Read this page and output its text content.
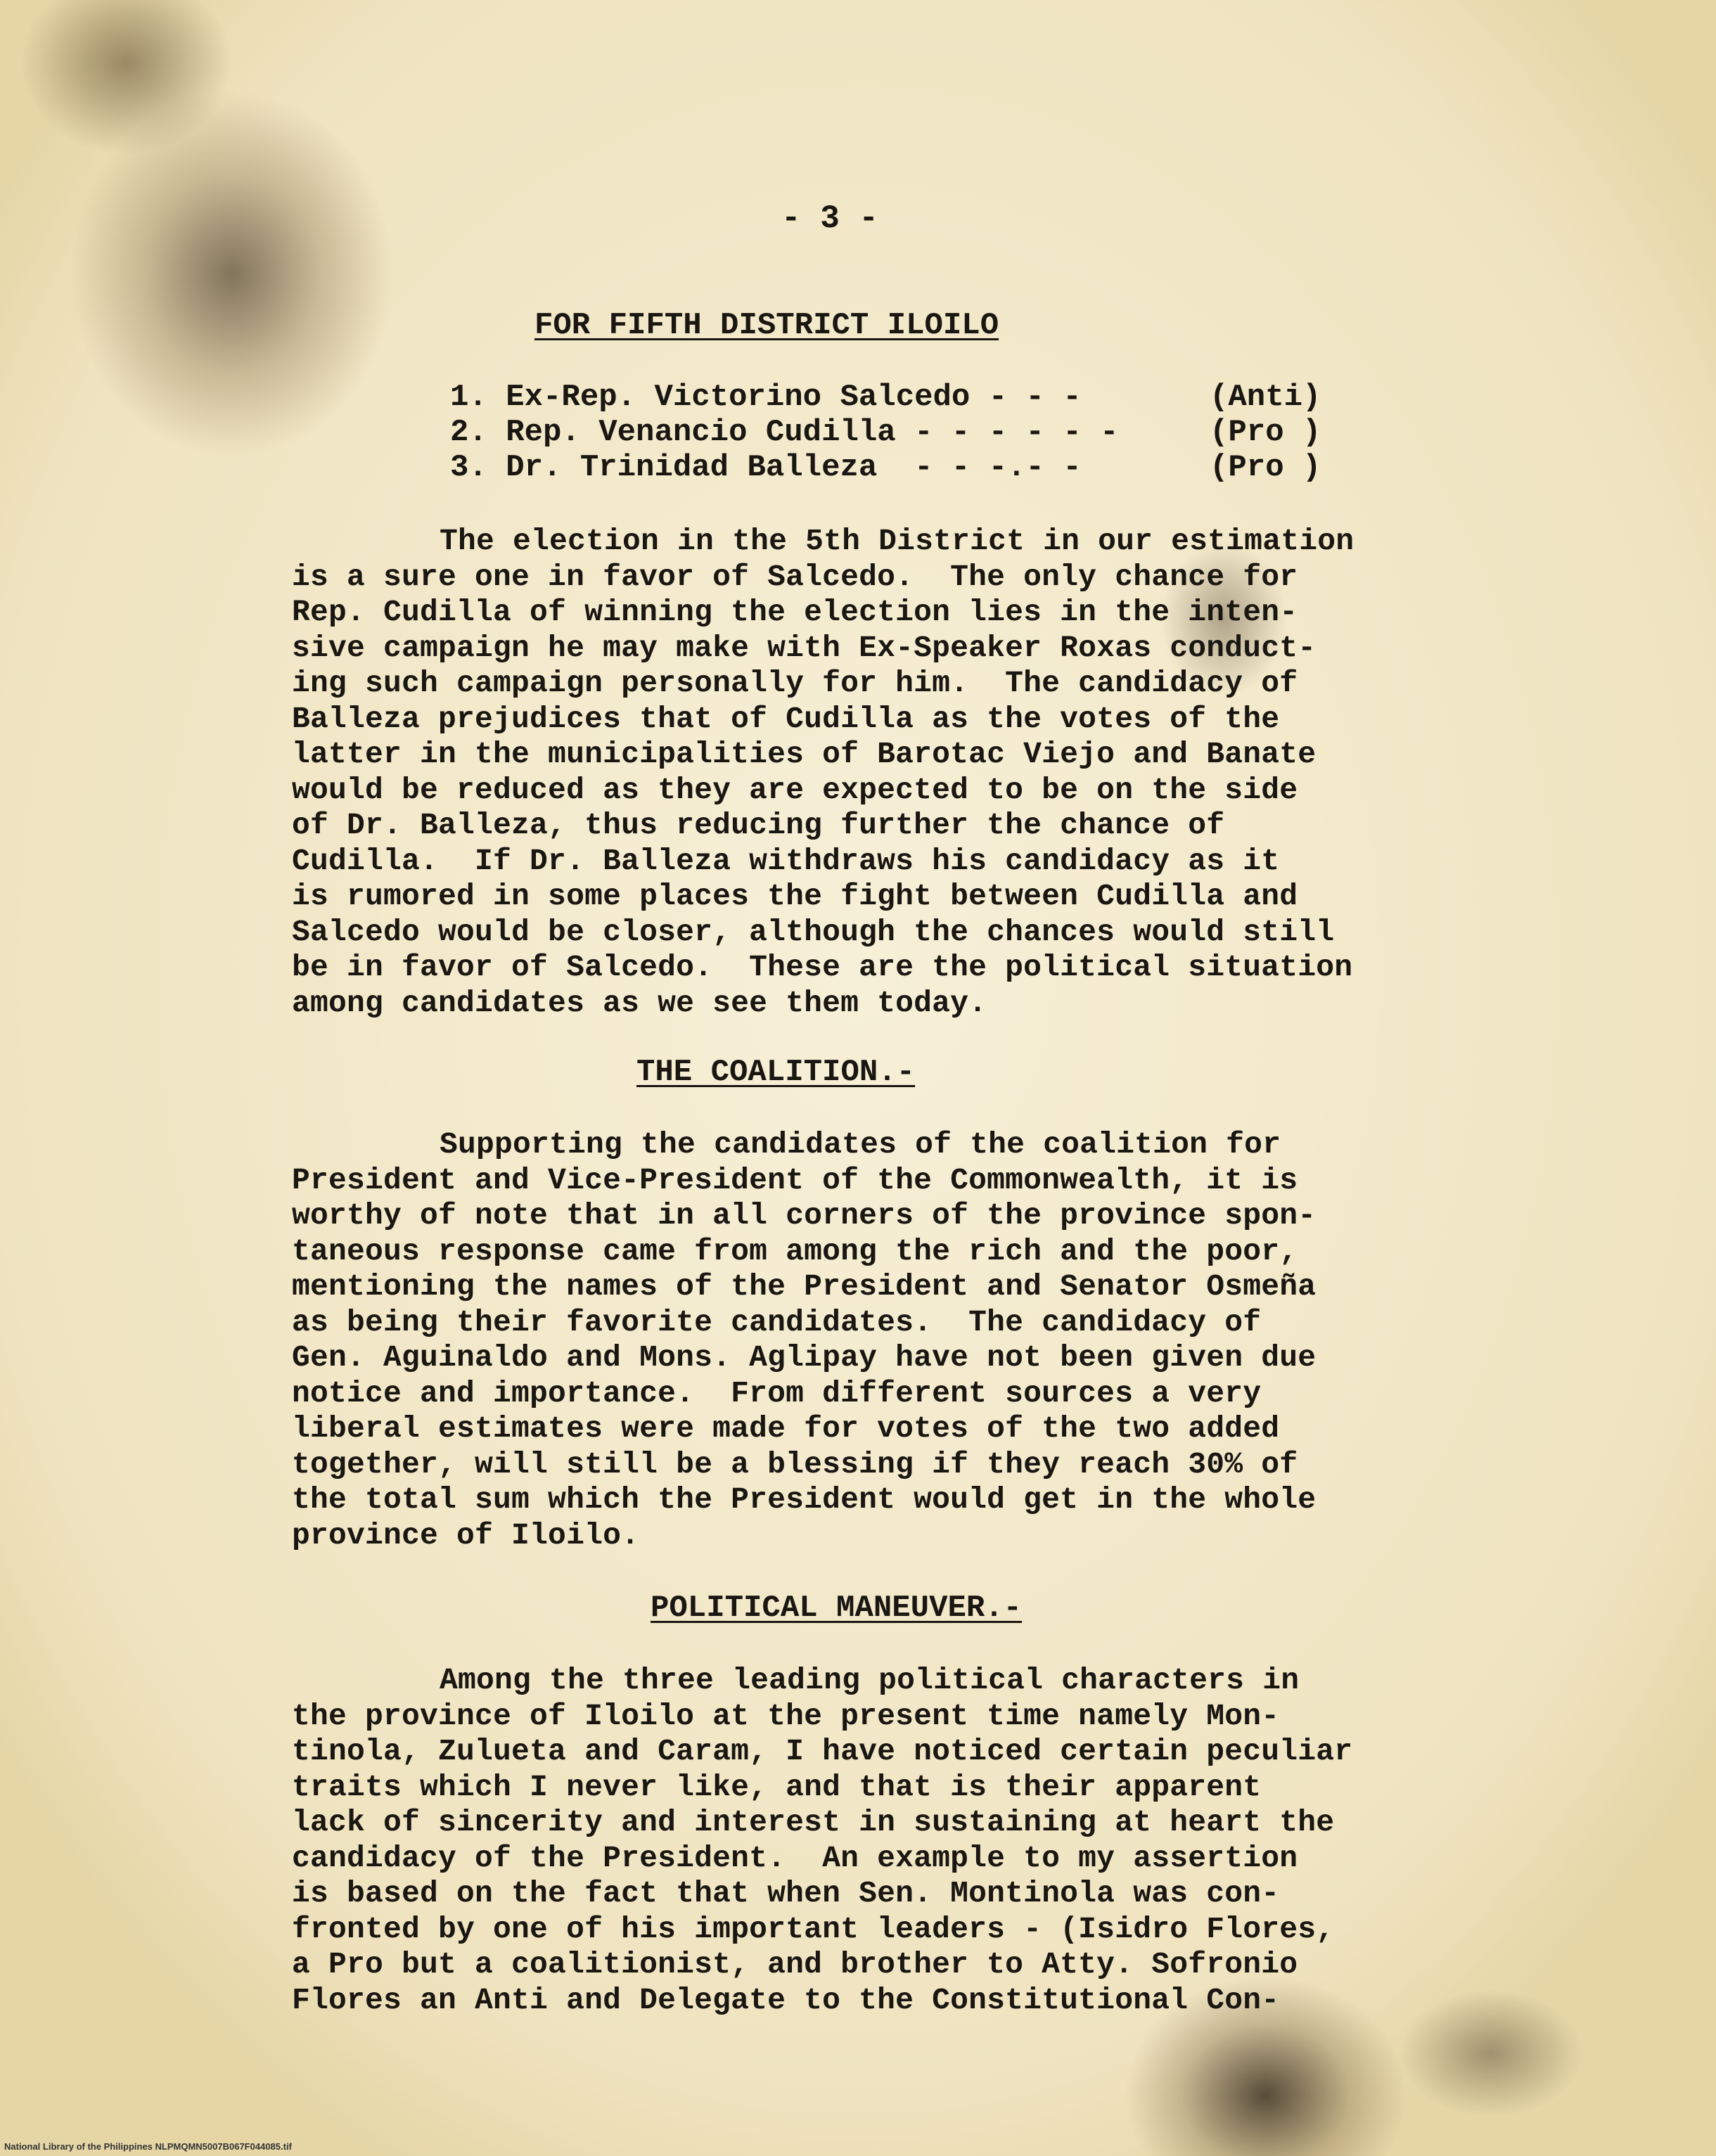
- 3 -
FOR FIFTH DISTRICT ILOILO
1. Ex-Rep. Victorino Salcedo - - -	(Anti)
2. Rep. Venancio Cudilla - - - - - -	(Pro )
3. Dr. Trinidad Balleza  - - -.- -	(Pro )
The election in the 5th District in our estimation
is a sure one in favor of Salcedo.  The only chance for
Rep. Cudilla of winning the election lies in the inten-
sive campaign he may make with Ex-Speaker Roxas conduct-
ing such campaign personally for him.  The candidacy of
Balleza prejudices that of Cudilla as the votes of the
latter in the municipalities of Barotac Viejo and Banate
would be reduced as they are expected to be on the side
of Dr. Balleza, thus reducing further the chance of
Cudilla.  If Dr. Balleza withdraws his candidacy as it
is rumored in some places the fight between Cudilla and
Salcedo would be closer, although the chances would still
be in favor of Salcedo.  These are the political situation
among candidates as we see them today.
THE COALITION.-
Supporting the candidates of the coalition for
President and Vice-President of the Commonwealth, it is
worthy of note that in all corners of the province spon-
taneous response came from among the rich and the poor,
mentioning the names of the President and Senator Osmeña
as being their favorite candidates.  The candidacy of
Gen. Aguinaldo and Mons. Aglipay have not been given due
notice and importance.  From different sources a very
liberal estimates were made for votes of the two added
together, will still be a blessing if they reach 30% of
the total sum which the President would get in the whole
province of Iloilo.
POLITICAL MANEUVER.-
Among the three leading political characters in
the province of Iloilo at the present time namely Mon-
tinola, Zulueta and Caram, I have noticed certain peculiar
traits which I never like, and that is their apparent
lack of sincerity and interest in sustaining at heart the
candidacy of the President.  An example to my assertion
is based on the fact that when Sen. Montinola was con-
fronted by one of his important leaders - (Isidro Flores,
a Pro but a coalitionist, and brother to Atty. Sofronio
Flores an Anti and Delegate to the Constitutional Con-
National Library of the Philippines NLPMQMN5007B067F044085.tif
